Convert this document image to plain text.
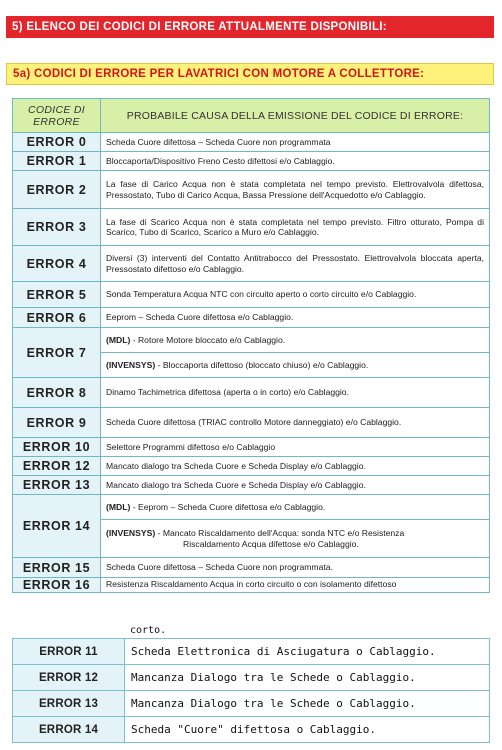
5) ELENCO DEI CODICI DI ERRORE ATTUALMENTE DISPONIBILI:
5a) CODICI DI ERRORE PER LAVATRICI CON MOTORE A COLLETTORE:
CODICE DI ERRORE	PROBABILE CAUSA DELLA EMISSIONE DEL CODICE DI ERRORE:
ERROR 0	Scheda Cuore difettosa – Scheda Cuore non programmata
ERROR 1	Bloccaporta/Dispositivo Freno Cesto difettosi e/o Cablaggio.
ERROR 2	La fase di Carico Acqua non è stata completata nel tempo previsto. Elettrovalvola difettosa, Pressostato, Tubo di Carico Acqua, Bassa Pressione dell'Acquedotto e/o Cablaggio.
ERROR 3	La fase di Scarico Acqua non è stata completata nel tempo previsto. Filtro otturato, Pompa di Scarico, Tubo di Scarico, Scarico a Muro e/o Cablaggio.
ERROR 4	Diversi (3) interventi del Contatto Antitrabocco del Pressostato. Elettrovalvola bloccata aperta, Pressostato difettoso e/o Cablaggio.
ERROR 5	Sonda Temperatura Acqua NTC con circuito aperto o corto circuito e/o Cablaggio.
ERROR 6	Eeprom – Scheda Cuore difettosa e/o Cablaggio.
ERROR 7	(MDL) - Rotore Motore bloccato e/o Cablaggio.
	(INVENSYS) - Bloccaporta difettoso (bloccato chiuso) e/o Cablaggio.
ERROR 8	Dinamo Tachimetrica difettosa (aperta o in corto) e/o Cablaggio.
ERROR 9	Scheda Cuore difettosa (TRIAC controllo Motore danneggiato) e/o Cablaggio.
ERROR 10	Selettore Programmi difettoso e/o Cablaggio
ERROR 12	Mancato dialogo tra Scheda Cuore e Scheda Display e/o Cablaggio.
ERROR 13	Mancato dialogo tra Scheda Cuore e Scheda Display e/o Cablaggio.
ERROR 14	(MDL) - Eeprom – Scheda Cuore difettosa e/o Cablaggio.
	(INVENSYS) - Mancato Riscaldamento dell'Acqua: sonda NTC e/o Resistenza
Riscaldamento Acqua difettose e/o Cablaggio.

ERROR 15	Scheda Cuore difettosa – Scheda Cuore non programmata.
ERROR 16	Resistenza Riscaldamento Acqua in corto circuito o con isolamento difettoso
corto.
ERROR 11	Scheda Elettronica di Asciugatura o Cablaggio.
ERROR 12	Mancanza Dialogo tra le Schede o Cablaggio.
ERROR 13	Mancanza Dialogo tra le Schede o Cablaggio.
ERROR 14	Scheda "Cuore" difettosa o Cablaggio.
